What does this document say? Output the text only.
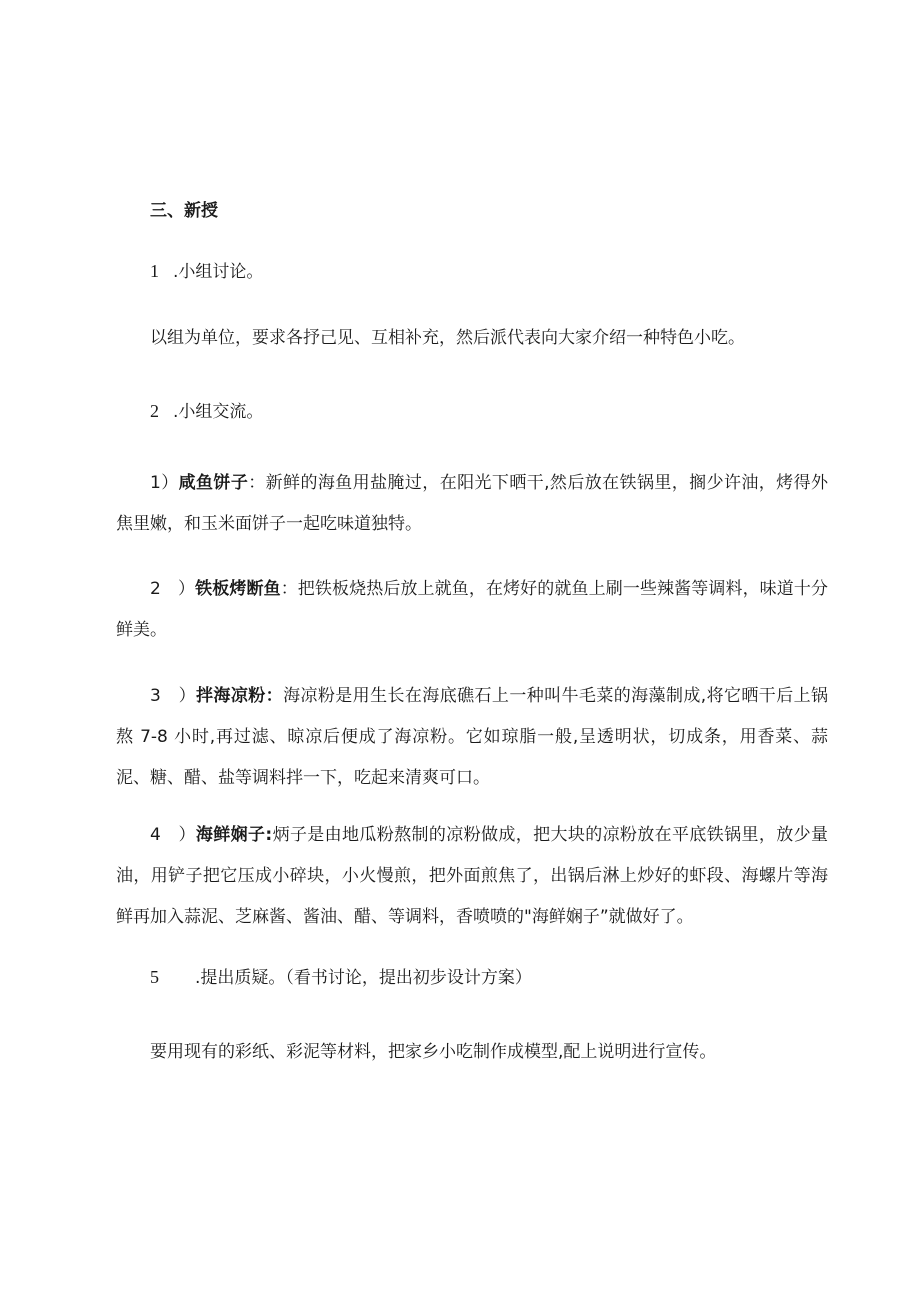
三、新授
1 .小组讨论。
以组为单位，要求各抒己见、互相补充，然后派代表向大家介绍一种特色小吃。
2 .小组交流。
1）咸鱼饼子：新鲜的海鱼用盐腌过，在阳光下晒干,然后放在铁锅里，搁少许油，烤得外焦里嫩，和玉米面饼子一起吃味道独特。
2　）铁板烤断鱼：把铁板烧热后放上就鱼，在烤好的就鱼上刷一些辣酱等调料，味道十分鲜美。
3　）拌海凉粉：海凉粉是用生长在海底礁石上一种叫牛毛菜的海藻制成,将它晒干后上锅熬 7-8 小时,再过滤、晾凉后便成了海凉粉。它如琼脂一般,呈透明状，切成条，用香菜、蒜泥、糖、醋、盐等调料拌一下，吃起来清爽可口。
4　）海鲜娴子:炳子是由地瓜粉熬制的凉粉做成，把大块的凉粉放在平底铁锅里，放少量油，用铲子把它压成小碎块，小火慢煎，把外面煎焦了，出锅后淋上炒好的虾段、海螺片等海鲜再加入蒜泥、芝麻酱、酱油、醋、等调料，香喷喷的"海鲜娴子”就做好了。
5 .提出质疑。（看书讨论，提出初步设计方案）
要用现有的彩纸、彩泥等材料，把家乡小吃制作成模型,配上说明进行宣传。
